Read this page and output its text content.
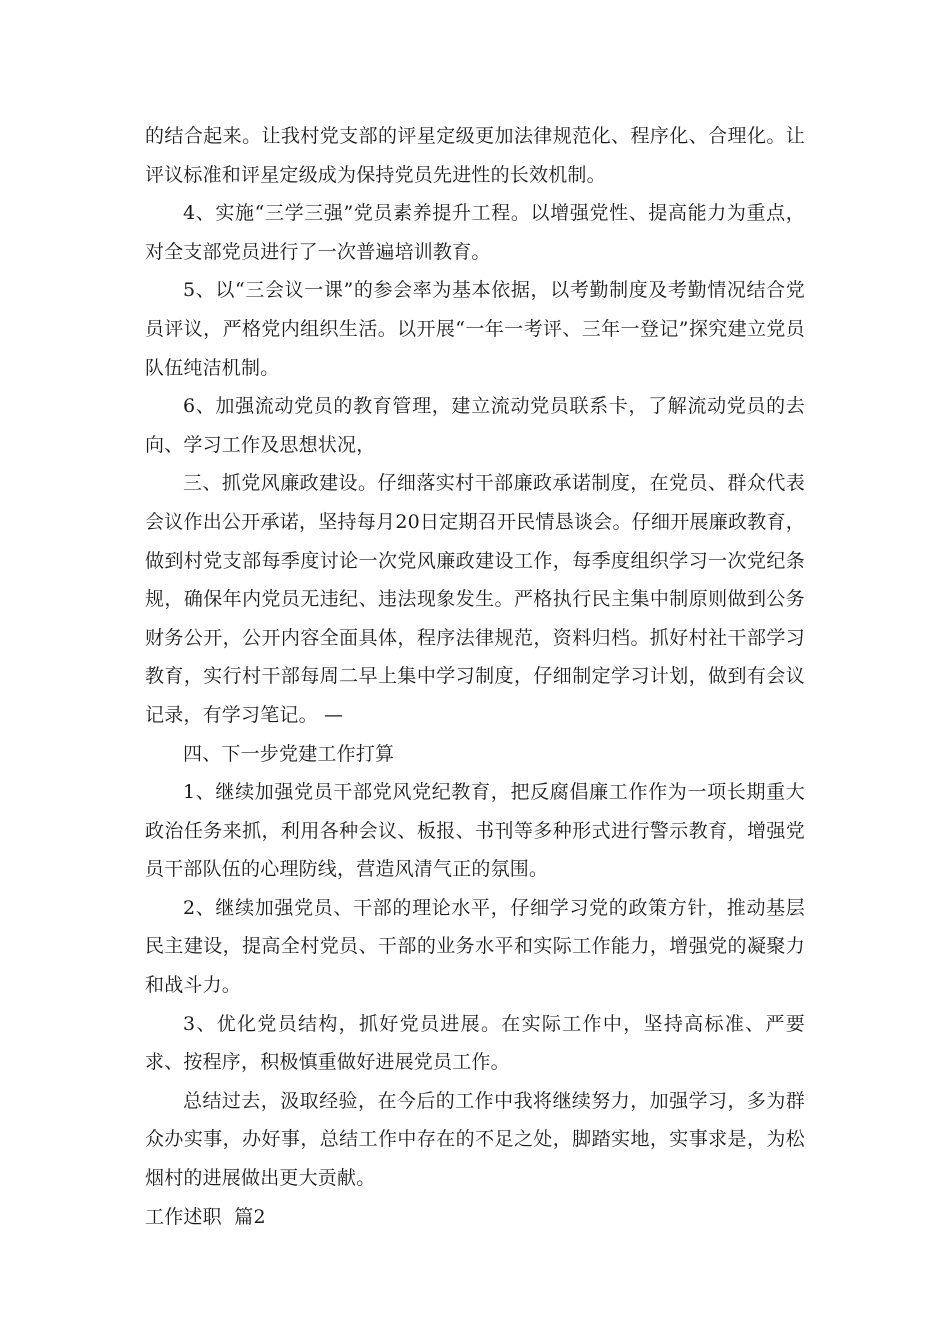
的结合起来。让我村党支部的评星定级更加法律规范化、程序化、合理化。让评议标准和评星定级成为保持党员先进性的长效机制。

4、实施“三学三强”党员素养提升工程。以增强党性、提高能力为重点，对全支部党员进行了一次普遍培训教育。

5、以“三会议一课”的参会率为基本依据，以考勤制度及考勤情况结合党员评议，严格党内组织生活。以开展“一年一考评、三年一登记”探究建立党员队伍纯洁机制。

6、加强流动党员的教育管理，建立流动党员联系卡，了解流动党员的去向、学习工作及思想状况，

三、抓党风廉政建设。仔细落实村干部廉政承诺制度，在党员、群众代表会议作出公开承诺，坚持每月20日定期召开民情恳谈会。仔细开展廉政教育，做到村党支部每季度讨论一次党风廉政建设工作，每季度组织学习一次党纪条规，确保年内党员无违纪、违法现象发生。严格执行民主集中制原则做到公务财务公开，公开内容全面具体，程序法律规范，资料归档。抓好村社干部学习教育，实行村干部每周二早上集中学习制度，仔细制定学习计划，做到有会议记录，有学习笔记。 —

四、下一步党建工作打算

1、继续加强党员干部党风党纪教育，把反腐倡廉工作作为一项长期重大政治任务来抓，利用各种会议、板报、书刊等多种形式进行警示教育，增强党员干部队伍的心理防线，营造风清气正的氛围。

2、继续加强党员、干部的理论水平，仔细学习党的政策方针，推动基层民主建设，提高全村党员、干部的业务水平和实际工作能力，增强党的凝聚力和战斗力。

3、优化党员结构，抓好党员进展。在实际工作中，坚持高标准、严要求、按程序，积极慎重做好进展党员工作。

总结过去，汲取经验，在今后的工作中我将继续努力，加强学习，多为群众办实事，办好事，总结工作中存在的不足之处，脚踏实地，实事求是，为松烟村的进展做出更大贡献。

工作述职  篇2
